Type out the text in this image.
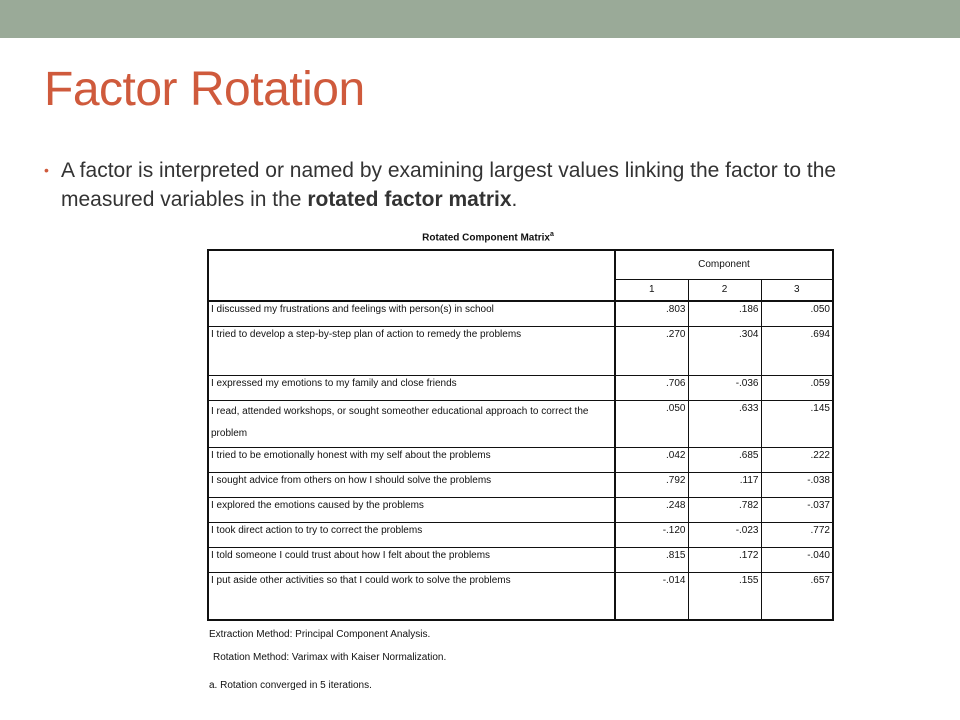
Factor Rotation
• A factor is interpreted or named by examining largest values linking the factor to the measured variables in the rotated factor matrix.
Rotated Component Matrix$^a$
	Component		
	1	2	3

I discussed my frustrations and feelings with person(s) in school	.803	.186	.050

I tried to develop a step-by-step plan of action to remedy the problems	.270	.304	.694

I expressed my emotions to my family and close friends	.706	-.036	.059

I read, attended workshops, or sought someother educational approach to correct the problem	.050	.633	.145

I tried to be emotionally honest with my self about the problems	.042	.685	.222

I sought advice from others on how I should solve the problems	.792	.117	-.038

I explored the emotions caused by the problems	.248	.782	-.037

I took direct action to try to correct the problems	-.120	-.023	.772

I told someone I could trust about how I felt about the problems	.815	.172	-.040

I put aside other activities so that I could work to solve the problems	-.014	.155	.657
Extraction Method: Principal Component Analysis.
Rotation Method: Varimax with Kaiser Normalization.
a. Rotation converged in 5 iterations.
